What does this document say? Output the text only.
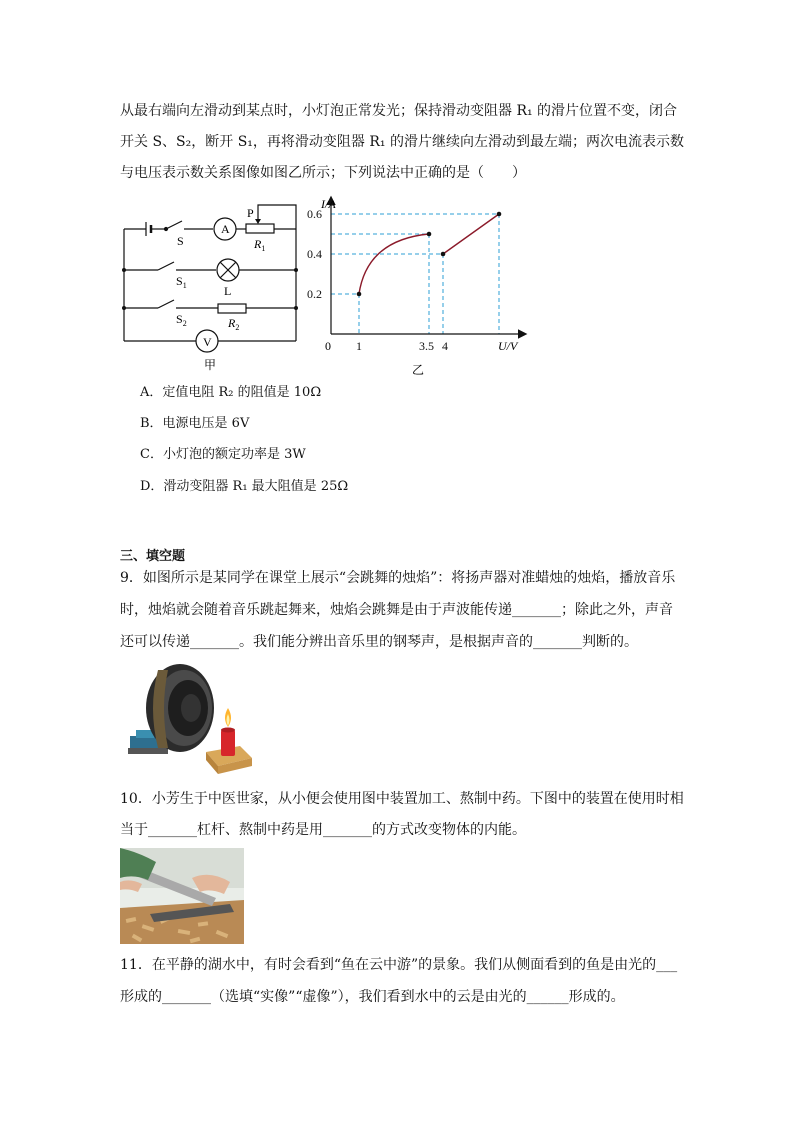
从最右端向左滑动到某点时，小灯泡正常发光；保持滑动变阻器 R₁ 的滑片位置不变，闭合
开关 S、S₂，断开 S₁，再将滑动变阻器 R₁ 的滑片继续向左滑动到最左端；两次电流表示数
与电压表示数关系图像如图乙所示；下列说法中正确的是（　　）
A
V
P
$R_1$
S
$S_1$	L
$S_2$	$R_2$
甲
1	3.5 4
0.2
0.4
0.6
I/A
0	U/V
乙
A．定值电阻 R₂ 的阻值是 10Ω
B．电源电压是 6V
C．小灯泡的额定功率是 3W
D．滑动变阻器 R₁ 最大阻值是 25Ω
三、填空题
9．如图所示是某同学在课堂上展示“会跳舞的烛焰”：将扬声器对准蜡烛的烛焰，播放音乐
时，烛焰就会随着音乐跳起舞来，烛焰会跳舞是由于声波能传递_______；除此之外，声音
还可以传递_______。我们能分辨出音乐里的钢琴声，是根据声音的_______判断的。
10．小芳生于中医世家，从小便会使用图中装置加工、熬制中药。下图中的装置在使用时相
当于_______杠杆、熬制中药是用_______的方式改变物体的内能。
11．在平静的湖水中，有时会看到“鱼在云中游”的景象。我们从侧面看到的鱼是由光的___
形成的_______（选填“实像”“虚像”），我们看到水中的云是由光的______形成的。
